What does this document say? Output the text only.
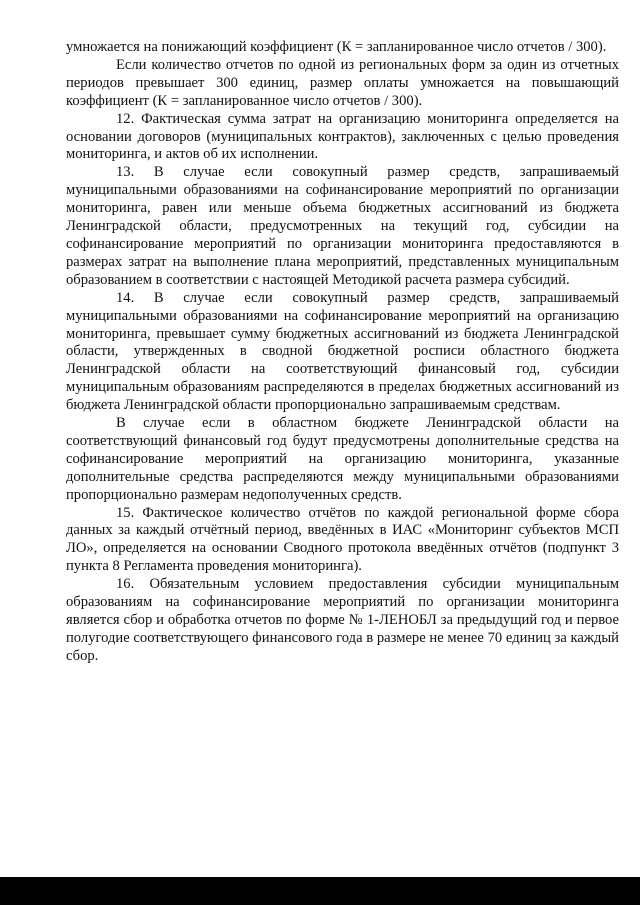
умножается на понижающий коэффициент (К = запланированное число отчетов / 300).

Если количество отчетов по одной из региональных форм за один из отчетных периодов превышает 300 единиц, размер оплаты умножается на повышающий коэффициент (К = запланированное число отчетов / 300).

12. Фактическая сумма затрат на организацию мониторинга определяется на основании договоров (муниципальных контрактов), заключенных с целью проведения мониторинга, и актов об их исполнении.

13. В случае если совокупный размер средств, запрашиваемый муниципальными образованиями на софинансирование мероприятий по организации мониторинга, равен или меньше объема бюджетных ассигнований из бюджета Ленинградской области, предусмотренных на текущий год, субсидии на софинансирование мероприятий по организации мониторинга предоставляются в размерах затрат на выполнение плана мероприятий, представленных муниципальным образованием в соответствии с настоящей Методикой расчета размера субсидий.

14. В случае если совокупный размер средств, запрашиваемый муниципальными образованиями на софинансирование мероприятий на организацию мониторинга, превышает сумму бюджетных ассигнований из бюджета Ленинградской области, утвержденных в сводной бюджетной росписи областного бюджета Ленинградской области на соответствующий финансовый год, субсидии муниципальным образованиям распределяются в пределах бюджетных ассигнований из бюджета Ленинградской области пропорционально запрашиваемым средствам.

В случае если в областном бюджете Ленинградской области на соответствующий финансовый год будут предусмотрены дополнительные средства на софинансирование мероприятий на организацию мониторинга, указанные дополнительные средства распределяются между муниципальными образованиями пропорционально размерам недополученных средств.

15. Фактическое количество отчётов по каждой региональной форме сбора данных за каждый отчётный период, введённых в ИАС «Мониторинг субъектов МСП ЛО», определяется на основании Сводного протокола введённых отчётов (подпункт 3 пункта 8 Регламента проведения мониторинга).

16. Обязательным условием предоставления субсидии муниципальным образованиям на софинансирование мероприятий по организации мониторинга является сбор и обработка отчетов по форме № 1-ЛЕНОБЛ за предыдущий год и первое полугодие соответствующего финансового года в размере не менее 70 единиц за каждый сбор.
